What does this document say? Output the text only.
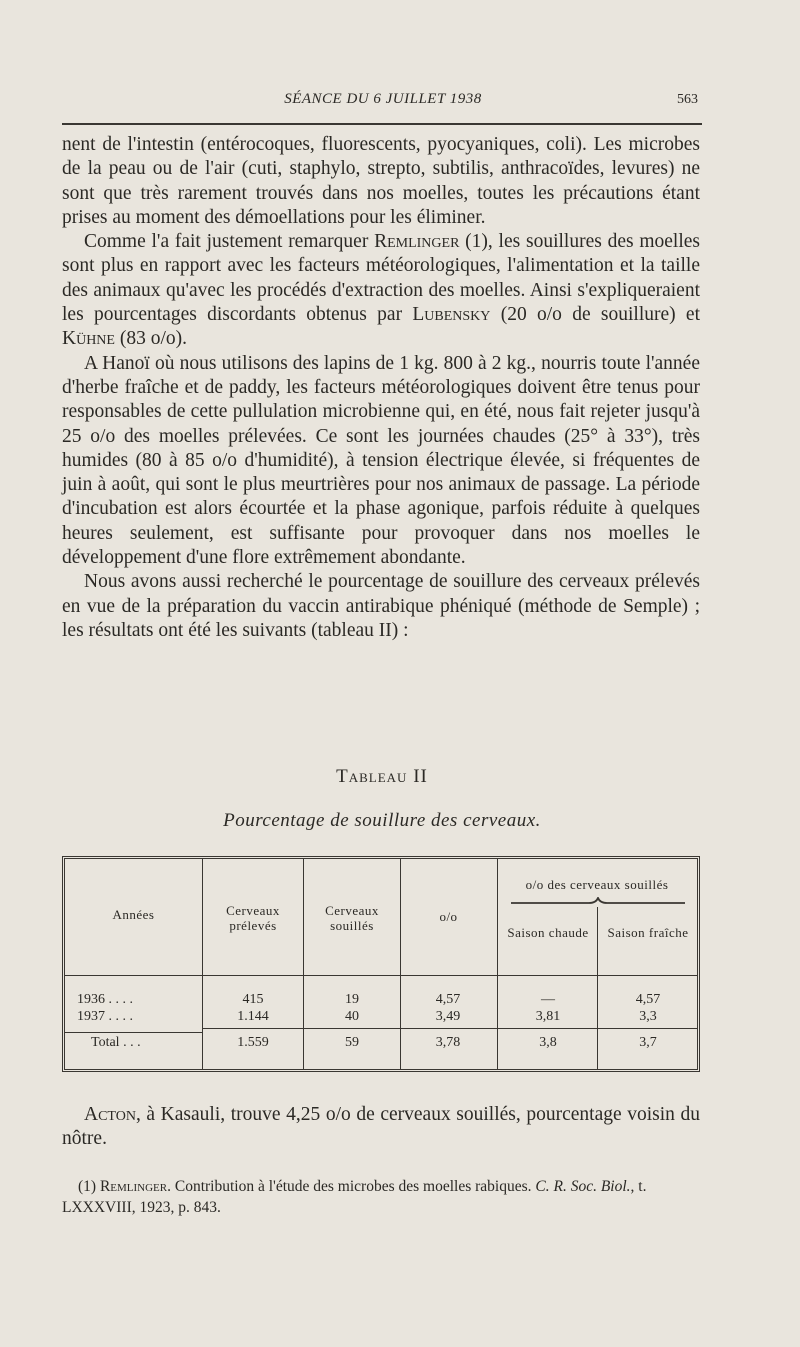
SÉANCE DU 6 JUILLET 1938	563

nent de l'intestin (entérocoques, fluorescents, pyocyaniques, coli). Les microbes de la peau ou de l'air (cuti, staphylo, strepto, subtilis, anthracoïdes, levures) ne sont que très rarement trouvés dans nos moelles, toutes les précautions étant prises au moment des démoellations pour les éliminer.

Comme l'a fait justement remarquer Remlinger (1), les souillures des moelles sont plus en rapport avec les facteurs météorologiques, l'alimentation et la taille des animaux qu'avec les procédés d'extraction des moelles. Ainsi s'expliqueraient les pourcentages discordants obtenus par Lubensky (20 o/o de souillure) et Kühne (83 o/o).

A Hanoï où nous utilisons des lapins de 1 kg. 800 à 2 kg., nourris toute l'année d'herbe fraîche et de paddy, les facteurs météorologiques doivent être tenus pour responsables de cette pullulation microbienne qui, en été, nous fait rejeter jusqu'à 25 o/o des moelles prélevées. Ce sont les journées chaudes (25° à 33°), très humides (80 à 85 o/o d'humidité), à tension électrique élevée, si fréquentes de juin à août, qui sont le plus meurtrières pour nos animaux de passage. La période d'incubation est alors écourtée et la phase agonique, parfois réduite à quelques heures seulement, est suffisante pour provoquer dans nos moelles le développement d'une flore extrêmement abondante.

Nous avons aussi recherché le pourcentage de souillure des cerveaux prélevés en vue de la préparation du vaccin antirabique phéniqué (méthode de Semple) ; les résultats ont été les suivants (tableau II) :

Tableau II
Pourcentage de souillure des cerveaux.
Années	Cerveaux prélevés
Cerveaux souillés
o/o
o/o des cerveaux souillés
Saison chaude	Saison fraîche
1936 . . . .	415	19	4,57	—	4,57
1937 . . . .	1.144	40	3,49	3,81	3,3
Total . . .	1.559	59	3,78	3,8	3,7

Acton, à Kasauli, trouve 4,25 o/o de cerveaux souillés, pourcentage voisin du nôtre.

(1) Remlinger. Contribution à l'étude des microbes des moelles rabiques. C. R. Soc. Biol., t. LXXXVIII, 1923, p. 843.
